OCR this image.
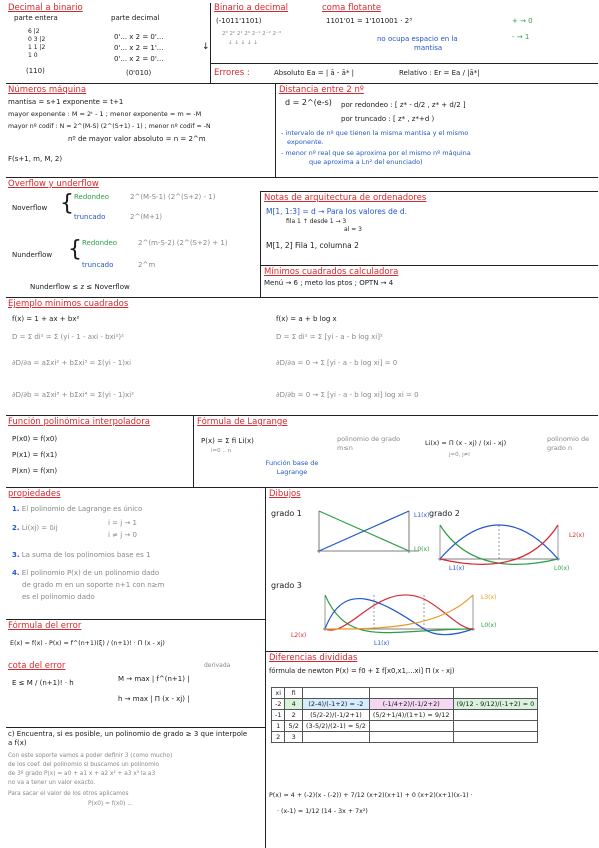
Decimal a binario
parte entera	parte decimal
6 |2
0 3 |2
1 1 |2
1 0
(110)
0'... x 2 = 0'...
0'... x 2 = 1'...
0'... x 2 = 0'...
(0'010)
↓
Binario a decimal
(-1011'1101)
2³ 2² 2¹ 2⁰ 2⁻¹ 2⁻² 2⁻³
↓ ↓ ↓ ↓ ↓
coma flotante
1101'01 = 1'101001 · 2³	+ → 0
- → 1
no ocupa espacio en la
mantisa
Errores :	Absoluto Ea = | ā - ā* |	Relativo : Er = Ea / |ā*|
Números máquina
mantisa = s+1 exponente = t+1
mayor exponente : M = 2ᵗ - 1 ; menor exponente = m = -M
mayor nº codif : N = 2^(M-S) (2^(S+1) - 1) ; menor nº codif = -N
nº de mayor valor absoluto = n = 2^m
F(s+1, m, M, 2)
Distancia entre 2 nº
d = 2^(e-s) por redondeo : [ z* - d/2 , z* + d/2 ]
por truncado : [ z* , z*+d )
- intervalo de nº que tienen la misma mantisa y el mismo
exponente.
- menor nº real que se aproxima por el mismo nº máquina
que aproxima a Ln² del enunciado)
Overflow y underflow
Noverflow { Redondeo	2^(M-S-1) (2^(S+2) - 1)
truncado	2^(M+1)
Nunderflow { Redondeo	2^(m-S-2) (2^(S+2) + 1)
truncado	2^m
Nunderflow ≤ z ≤ Noverflow
Notas de arquitectura de ordenadores
M[1, 1:3] = d → Para los valores de d.
fila 1 ↑ desde 1 → 3
al = 3
M[1, 2] Fila 1, columna 2
Mínimos cuadrados calculadora
Menú → 6 ; meto los ptos ; OPTN → 4
Ejemplo mínimos cuadrados
f(x) = 1 + ax + bx²
D = Σ di² = Σ (yi - 1 - axi - bxi²)²
∂D/∂a = aΣxi² + bΣxi³ = Σ(yi - 1)xi
∂D/∂b = aΣxi³ + bΣxi⁴ = Σ(yi - 1)xi²
f(x) = a + b log x
D = Σ di² = Σ [yi - a - b log xi]²
∂D/∂a = 0 → Σ [yi - a - b log xi] = 0
∂D/∂b = 0 → Σ [yi - a - b log xi] log xi = 0
Función polinómica interpoladora
P(x0) = f(x0)
P(x1) = f(x1)
P(xn) = f(xn)
Fórmula de Lagrange
P(x) = Σ fi Li(x)
i=0 .. n
polinomio de grado m≤n
Función base de Lagrange
Li(x) = Π (x - xj) / (xi - xj)
j=0, j≠i
polinomio de grado n
propiedades
1. El polinomio de Lagrange es único
2. Li(xj) = δij
i = j → 1
i ≠ j → 0
3. La suma de los polinomios base es 1
4. El polinomio P(x) de un polinomio dado
de grado m en un soporte n+1 con n≥m
es el polinomio dado
Dibujos
grado 1	grado 2
grado 3
L1(x)
L0(x)
L2(x)
L1(x)	L0(x)
L3(x)
L0(x)
L2(x)
L1(x)
Fórmula del error
E(x) = f(x) - P(x) = f^(n+1)(ξ) / (n+1)! · Π (x - xj)
cota del error
E ≤ M / (n+1)! · h
derivada
M → max | f^(n+1) |
h → max | Π (x - xj) |
c) Encuentra, si es posible, un polinomio de grado ≥ 3 que interpole a f(x)
Con este soporte vamos a poder definir 3 (como mucho)
de los coef. del polinomio si buscamos un polinomio
de 3º grado P(x) = a0 + a1 x + a2 x² + a3 x³ la a3
no va a tener un valor exacto.
Para sacar el valor de los otros aplicamos
P(x0) = f(x0) ...
Diferencias divididas
fórmula de newton P(x) = f0 + Σ f[x0,x1,...xi] Π (x - xj)
xi	fi			
-2	4	(2-4)/(-1+2) = -2	(-1/4+2)/(-1/2+2)	(9/12 - 9/12)/(-1+2) = 0
-1	2	(5/2-2)/(-1/2+1)	(5/2+1/4)/(1+1) = 9/12	
1	5/2	(3-5/2)/(2-1) = 5/2		
2	3			
P(x) = 4 + (-2)(x - (-2)) + 7/12 (x+2)(x+1) + 0 (x+2)(x+1)(x-1) ·
· (x-1) = 1/12 (14 - 3x + 7x²)
